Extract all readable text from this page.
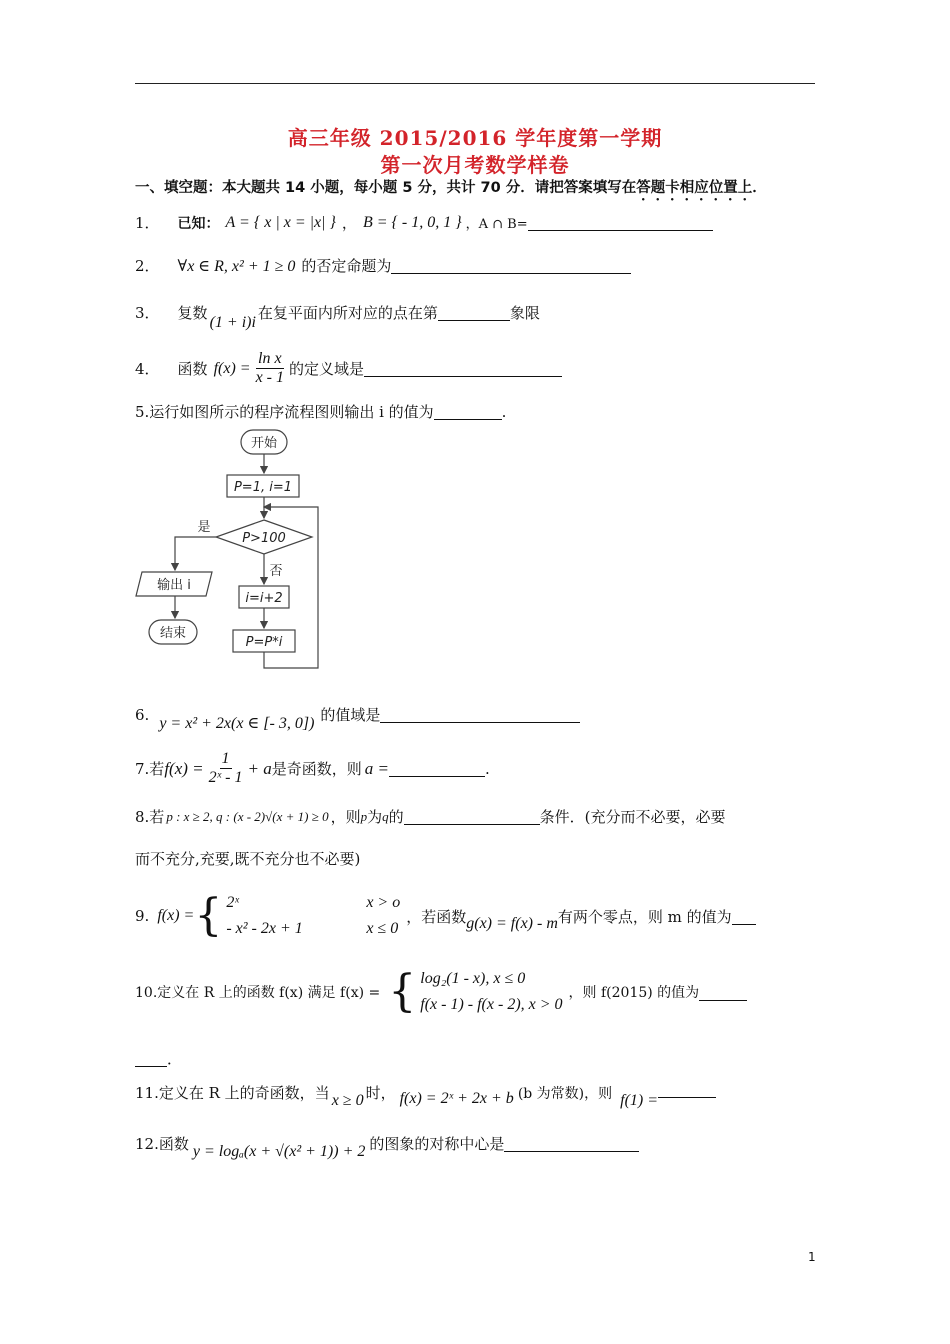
高三年级 2015/2016 学年度第一学期
第一次月考数学样卷
一、填空题：本大题共 14 小题，每小题 5 分，共计 70 分．请把答案填写在答题卡相应位置上．
1． 已知： A = { x | x = |x| } ， B = { - 1, 0, 1 } ，A ∩ B=
2． ∀x ∈ R, x² + 1 ≥ 0 的否定命题为
3． 复数 (1 + i)i 在复平面内所对应的点在第	象限
4． 函数 $f(x) = \frac{\text{ln x}}{x - 1}$ 的定义域是
5.运行如图所示的程序流程图则输出 i 的值为	.
开始
P=1, i=1
P>100
是
否
输出 i
i=i+2
P=P*i
结束
6. y = x² + 2x(x ∈ [- 3, 0]) 的值域是
7.若 $f(x) = \frac{1}{\text{2ˣ - 1}} + a$ 是奇函数，则 a =	.
8.若 p : x ≥ 2, q : (x - 2)√(x + 1) ≥ 0 ，则 p 为 q 的	条件．(充分而不必要，必要
而不充分,充要,既不充分也不必要)
9. f(x) = { 2ˣ	x > o
- x² - 2x + 1	x ≤ 0
，若函数 g(x) = f(x) - m 有两个零点，则 m 的值为
10.定义在 R 上的函数 f(x) 满足 f(x) = { log₂(1 - x), x ≤ 0
f(x - 1) - f(x - 2), x > 0
，则 f(2015) 的值为
．
11.定义在 R 上的奇函数，当 x ≥ 0 时， f(x) = 2ˣ + 2x + b (b 为常数)，则 f(1) =
12.函数 y = logₐ(x + √(x² + 1)) + 2 的图象的对称中心是
1
